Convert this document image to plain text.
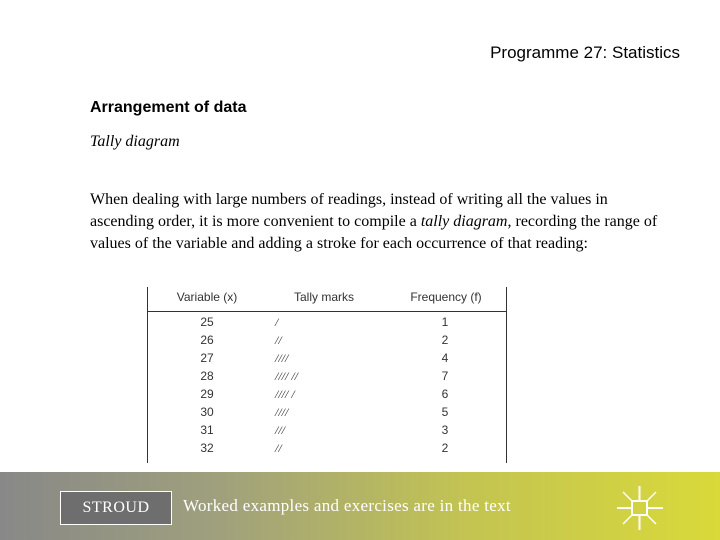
Programme 27: Statistics
Arrangement of data
Tally diagram
When dealing with large numbers of readings, instead of writing all the values in ascending order, it is more convenient to compile a tally diagram, recording the range of values of the variable and adding a stroke for each occurrence of that reading:
Variable (x)	Tally marks	Frequency (f)
25	/	1
26	//	2
27	////	4
28	//// //	7
29	//// /	6
30	////	5
31	///	3
32	//	2
STROUD	Worked examples and exercises are in the text
